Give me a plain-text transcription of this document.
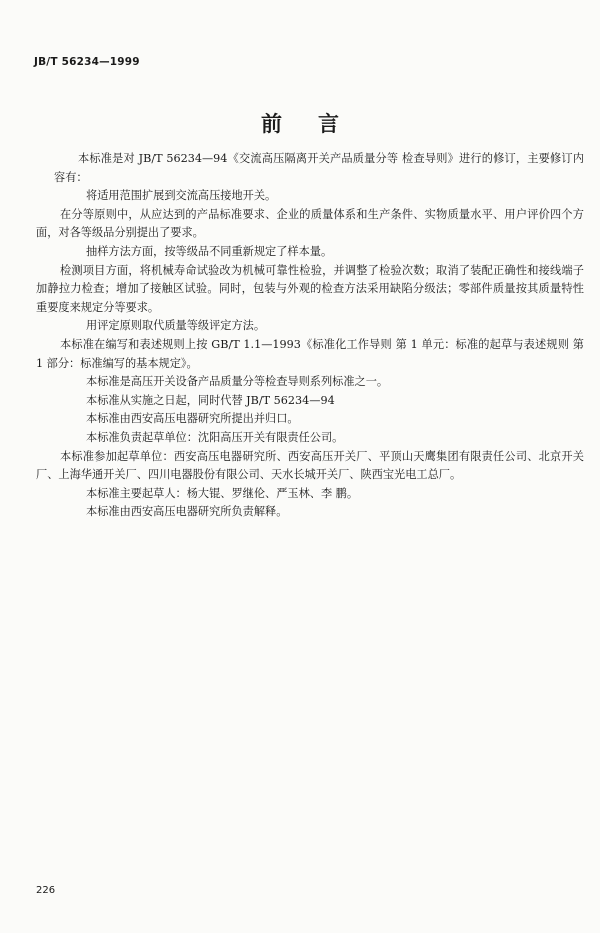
JB/T 56234—1999
前言

本标准是对 JB/T 56234—94《交流高压隔离开关产品质量分等 检查导则》进行的修订，主要修订内容有：

将适用范围扩展到交流高压接地开关。

在分等原则中，从应达到的产品标准要求、企业的质量体系和生产条件、实物质量水平、用户评价四个方面，对各等级品分别提出了要求。

抽样方法方面，按等级品不同重新规定了样本量。

检测项目方面，将机械寿命试验改为机械可靠性检验，并调整了检验次数；取消了装配正确性和接线端子加静拉力检查；增加了接触区试验。同时，包装与外观的检查方法采用缺陷分级法；零部件质量按其质量特性重要度来规定分等要求。

用评定原则取代质量等级评定方法。

本标准在编写和表述规则上按 GB/T 1.1—1993《标准化工作导则 第 1 单元：标准的起草与表述规则 第 1 部分：标准编写的基本规定》。

本标准是高压开关设备产品质量分等检查导则系列标准之一。

本标准从实施之日起，同时代替 JB/T 56234—94

本标准由西安高压电器研究所提出并归口。

本标准负责起草单位：沈阳高压开关有限责任公司。

本标准参加起草单位：西安高压电器研究所、西安高压开关厂、平顶山天鹰集团有限责任公司、北京开关厂、上海华通开关厂、四川电器股份有限公司、天水长城开关厂、陕西宝光电工总厂。

本标准主要起草人：杨大锟、罗继伦、严玉林、李 鹏。

本标准由西安高压电器研究所负责解释。

226
